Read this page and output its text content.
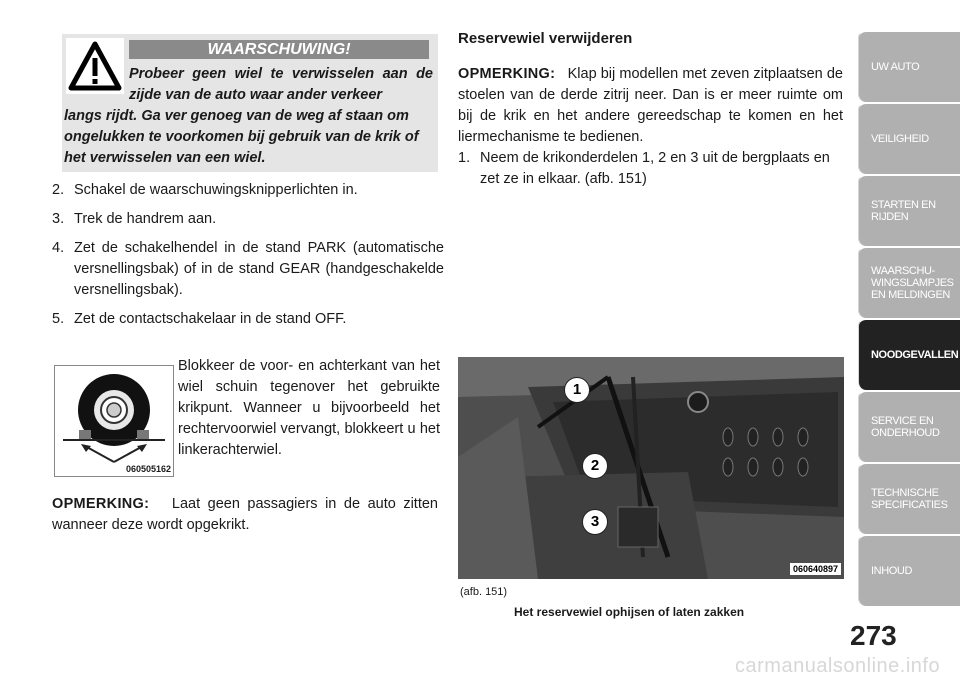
WAARSCHUWING!
Probeer geen wiel te verwisselen aan de zijde van de auto waar ander verkeer
langs rijdt. Ga ver genoeg van de weg af staan om ongelukken te voorkomen bij gebruik van de krik of het verwisselen van een wiel.
2. Schakel de waarschuwingsknipperlichten in.
3. Trek de handrem aan.
4. Zet de schakelhendel in de stand PARK (automatische versnellingsbak) of in de stand GEAR (handgeschakelde versnellingsbak).
5. Zet de contactschakelaar in de stand OFF.
060505162
Blokkeer de voor- en achterkant van het wiel schuin tegenover het gebruikte krikpunt. Wanneer u bijvoorbeeld het rechtervoorwiel vervangt, blokkeert u het linkerachterwiel.
OPMERKING: Laat geen passagiers in de auto zitten wanneer deze wordt opgekrikt.
Reservewiel verwijderen
OPMERKING: Klap bij modellen met zeven zitplaatsen de stoelen van de derde zitrij neer. Dan is er meer ruimte om bij de krik en het andere gereedschap te komen en het liermechanisme te bedienen.
1. Neem de krikonderdelen 1, 2 en 3 uit de bergplaats en zet ze in elkaar. (afb. 151)
1
2
3
060640897
(afb. 151)
Het reservewiel ophijsen of laten zakken
UW AUTO
VEILIGHEID
STARTEN EN RIJDEN
WAARSCHU-WINGSLAMPJES EN MELDINGEN
NOODGEVALLEN
SERVICE EN ONDERHOUD
TECHNISCHE SPECIFICATIES
INHOUD
273
carmanualsonline.info
